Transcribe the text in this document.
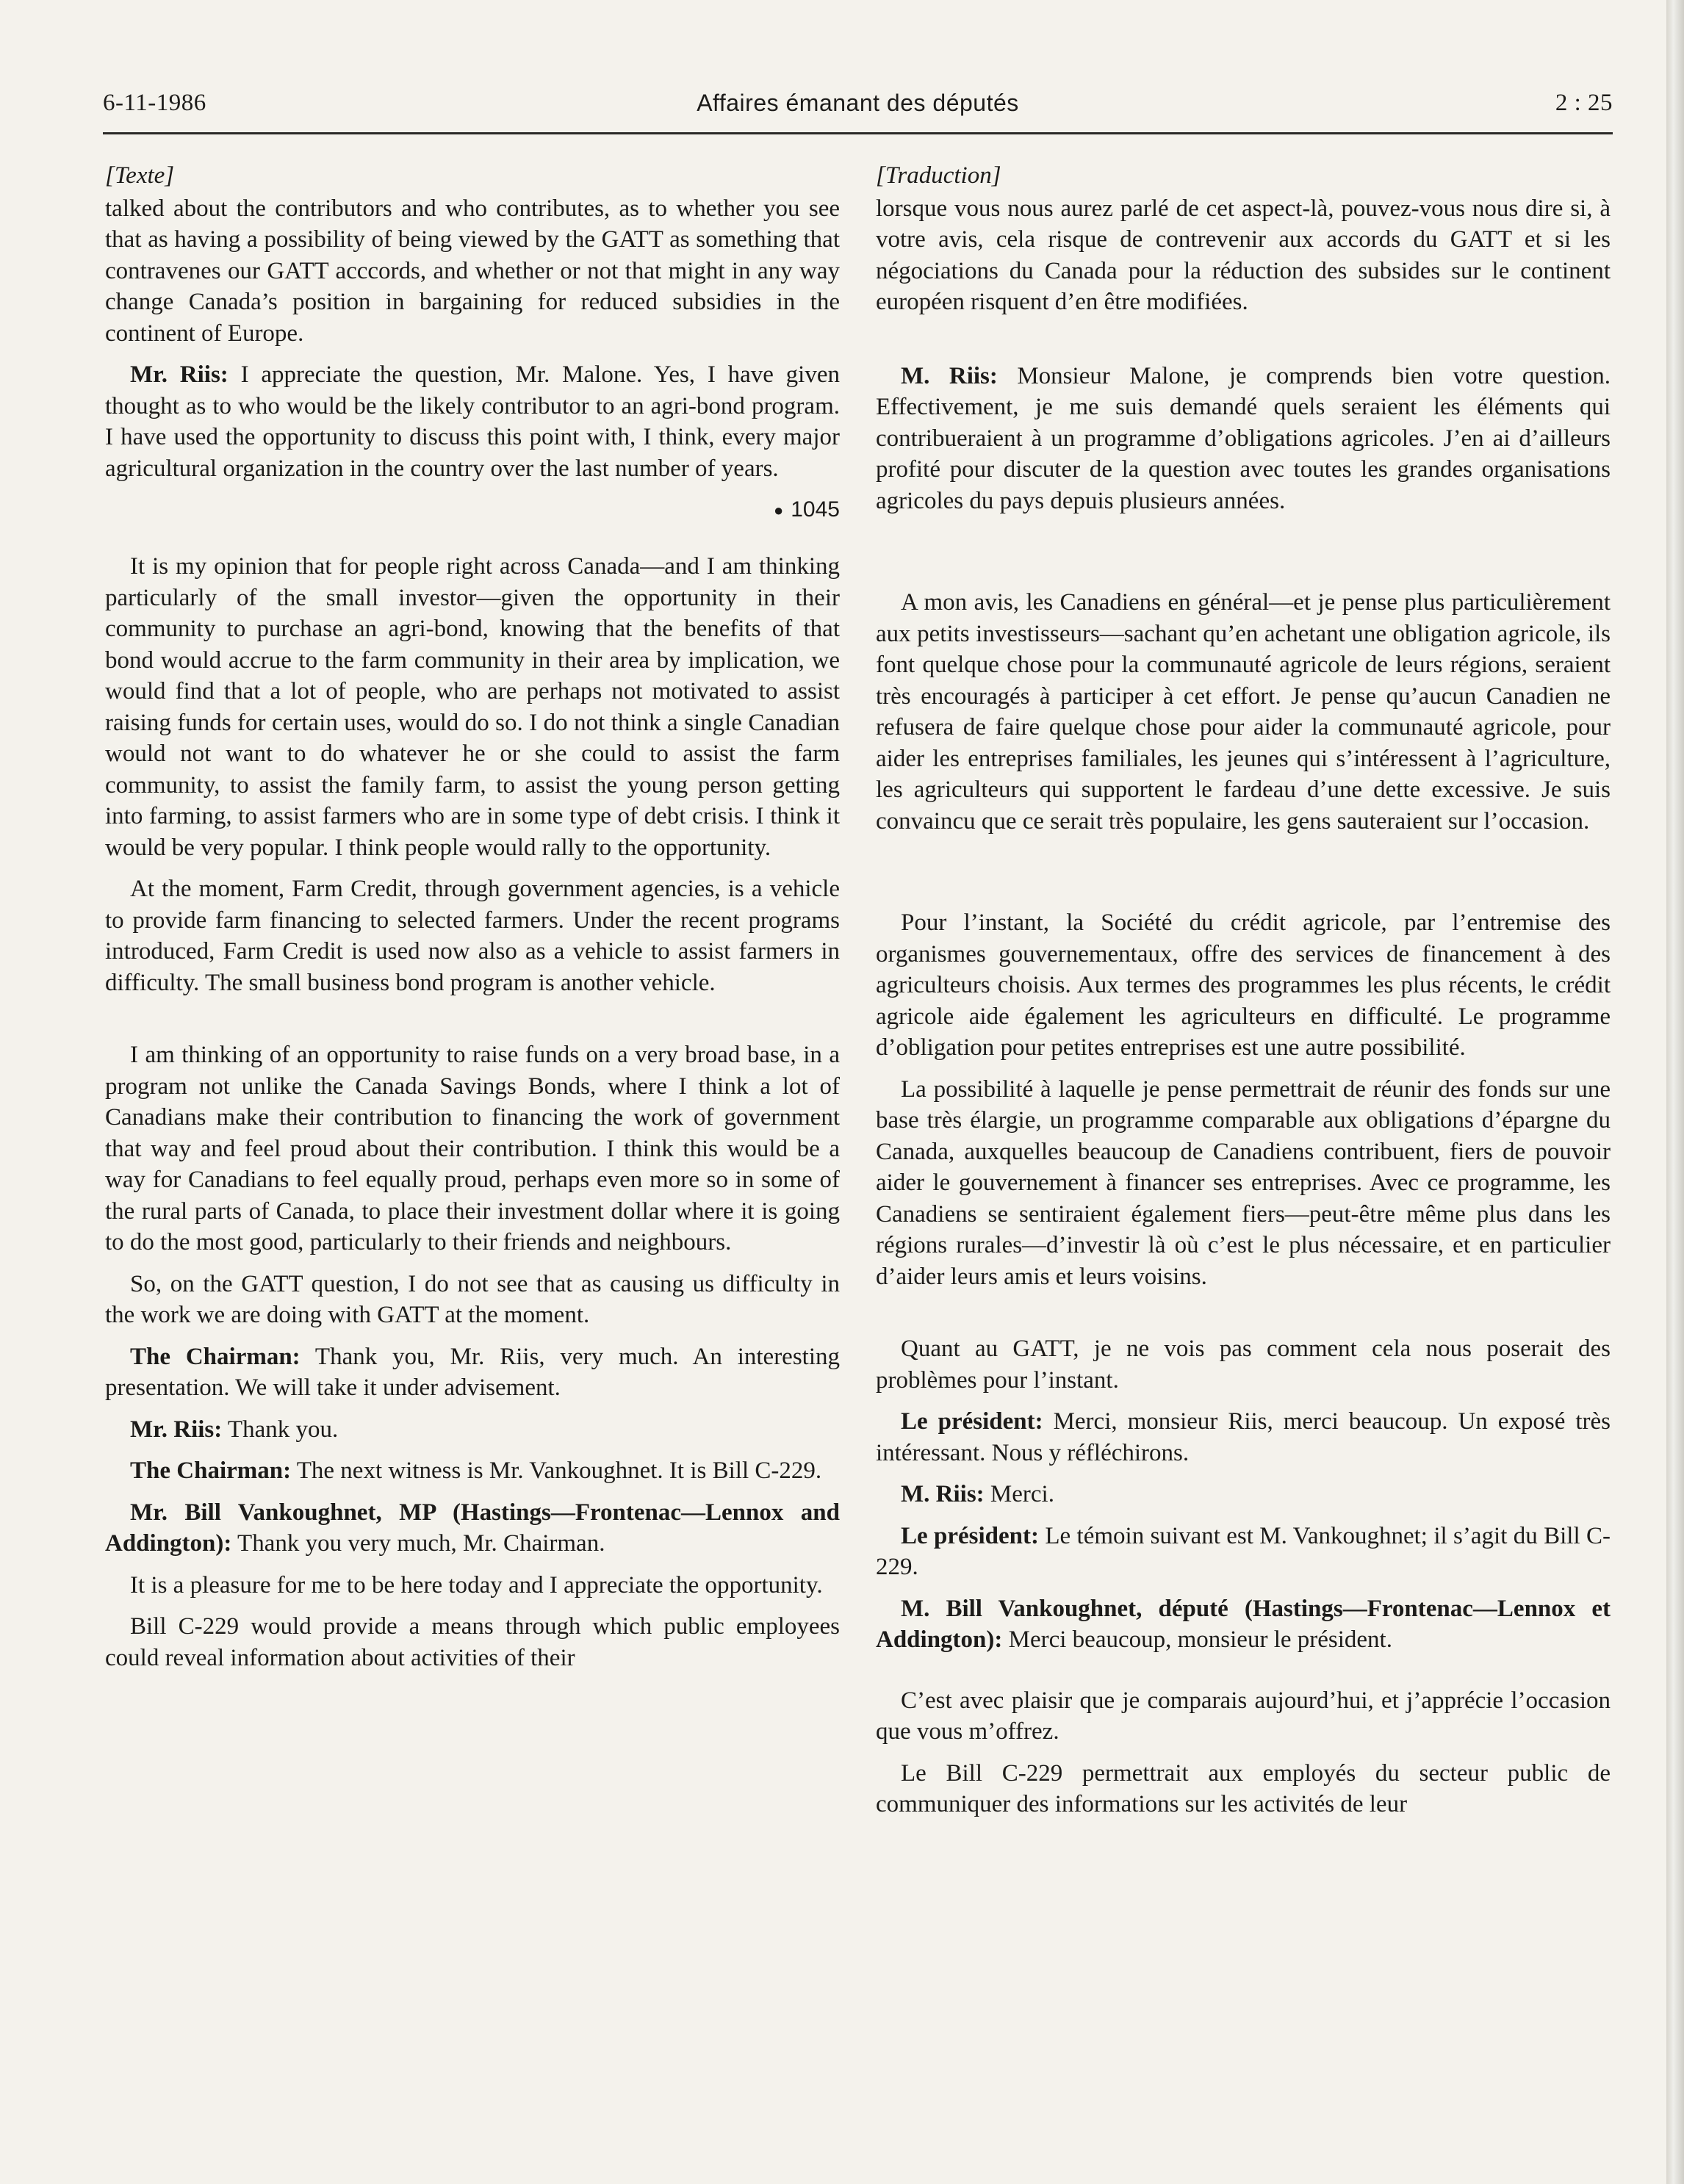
6-11-1986	Affaires émanant des députés	2 : 25
[Texte]

talked about the contributors and who contributes, as to whether you see that as having a possibility of being viewed by the GATT as something that contravenes our GATT acccords, and whether or not that might in any way change Canada’s position in bargaining for reduced subsidies in the continent of Europe.

Mr. Riis: I appreciate the question, Mr. Malone. Yes, I have given thought as to who would be the likely contributor to an agri-bond program. I have used the opportunity to discuss this point with, I think, every major agricultural organization in the country over the last number of years.

● 1045

It is my opinion that for people right across Canada—and I am thinking particularly of the small investor—given the opportunity in their community to purchase an agri-bond, knowing that the benefits of that bond would accrue to the farm community in their area by implication, we would find that a lot of people, who are perhaps not motivated to assist raising funds for certain uses, would do so. I do not think a single Canadian would not want to do whatever he or she could to assist the farm community, to assist the family farm, to assist the young person getting into farming, to assist farmers who are in some type of debt crisis. I think it would be very popular. I think people would rally to the opportunity.

At the moment, Farm Credit, through government agencies, is a vehicle to provide farm financing to selected farmers. Under the recent programs introduced, Farm Credit is used now also as a vehicle to assist farmers in difficulty. The small business bond program is another vehicle.

I am thinking of an opportunity to raise funds on a very broad base, in a program not unlike the Canada Savings Bonds, where I think a lot of Canadians make their contribution to financing the work of government that way and feel proud about their contribution. I think this would be a way for Canadians to feel equally proud, perhaps even more so in some of the rural parts of Canada, to place their investment dollar where it is going to do the most good, particularly to their friends and neighbours.

So, on the GATT question, I do not see that as causing us difficulty in the work we are doing with GATT at the moment.

The Chairman: Thank you, Mr. Riis, very much. An interesting presentation. We will take it under advisement.

Mr. Riis: Thank you.

The Chairman: The next witness is Mr. Vankoughnet. It is Bill C-229.

Mr. Bill Vankoughnet, MP (Hastings—Frontenac—Lennox and Addington): Thank you very much, Mr. Chairman.

It is a pleasure for me to be here today and I appreciate the opportunity.

Bill C-229 would provide a means through which public employees could reveal information about activities of their

[Traduction]

lorsque vous nous aurez parlé de cet aspect-là, pouvez-vous nous dire si, à votre avis, cela risque de contrevenir aux accords du GATT et si les négociations du Canada pour la réduction des subsides sur le continent européen risquent d’en être modifiées.

M. Riis: Monsieur Malone, je comprends bien votre question. Effectivement, je me suis demandé quels seraient les éléments qui contribueraient à un programme d’obligations agricoles. J’en ai d’ailleurs profité pour discuter de la question avec toutes les grandes organisations agricoles du pays depuis plusieurs années.

A mon avis, les Canadiens en général—et je pense plus particulièrement aux petits investisseurs—sachant qu’en achetant une obligation agricole, ils font quelque chose pour la communauté agricole de leurs régions, seraient très encouragés à participer à cet effort. Je pense qu’aucun Canadien ne refusera de faire quelque chose pour aider la communauté agricole, pour aider les entreprises familiales, les jeunes qui s’intéressent à l’agriculture, les agriculteurs qui supportent le fardeau d’une dette excessive. Je suis convaincu que ce serait très populaire, les gens sauteraient sur l’occasion.

Pour l’instant, la Société du crédit agricole, par l’entremise des organismes gouvernementaux, offre des services de financement à des agriculteurs choisis. Aux termes des programmes les plus récents, le crédit agricole aide également les agriculteurs en difficulté. Le programme d’obligation pour petites entreprises est une autre possibilité.

La possibilité à laquelle je pense permettrait de réunir des fonds sur une base très élargie, un programme comparable aux obligations d’épargne du Canada, auxquelles beaucoup de Canadiens contribuent, fiers de pouvoir aider le gouvernement à financer ses entreprises. Avec ce programme, les Canadiens se sentiraient également fiers—peut-être même plus dans les régions rurales—d’investir là où c’est le plus nécessaire, et en particulier d’aider leurs amis et leurs voisins.

Quant au GATT, je ne vois pas comment cela nous poserait des problèmes pour l’instant.

Le président: Merci, monsieur Riis, merci beaucoup. Un exposé très intéressant. Nous y réfléchirons.

M. Riis: Merci.

Le président: Le témoin suivant est M. Vankoughnet; il s’agit du Bill C-229.

M. Bill Vankoughnet, député (Hastings—Frontenac—Lennox et Addington): Merci beaucoup, monsieur le président.

C’est avec plaisir que je comparais aujourd’hui, et j’apprécie l’occasion que vous m’offrez.

Le Bill C-229 permettrait aux employés du secteur public de communiquer des informations sur les activités de leur
